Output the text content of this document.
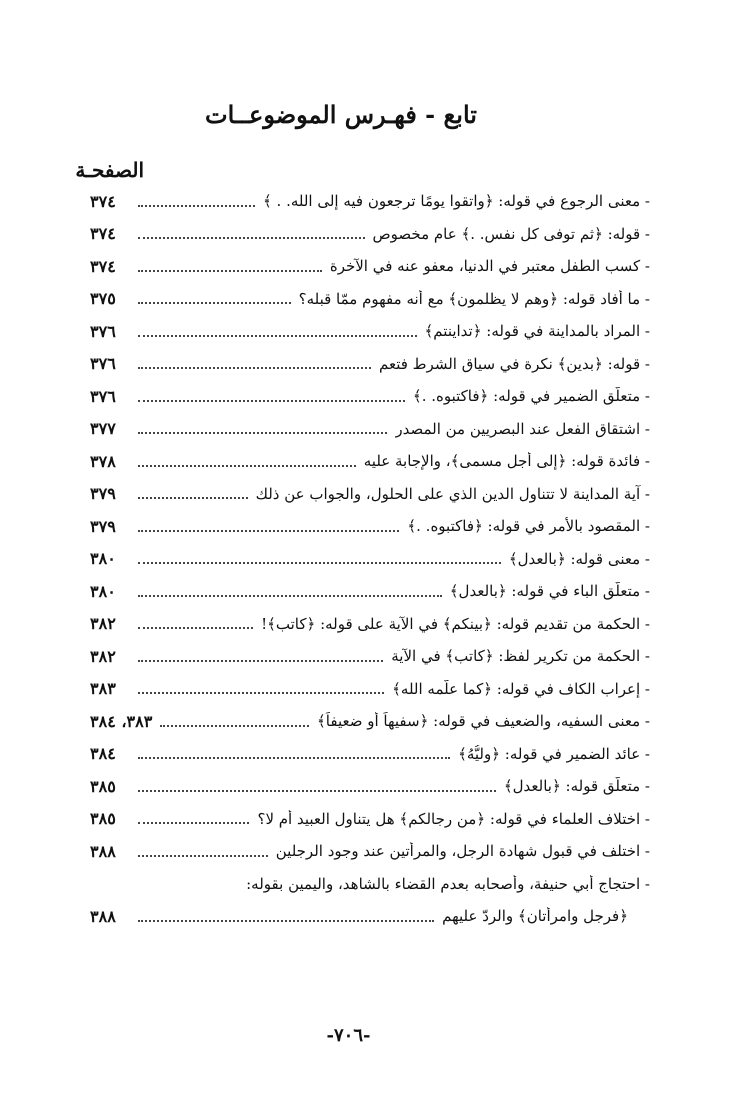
تابع - فهـرس الموضوعــات
الصفحـة
- معنى الرجوع في قوله: ﴿واتقوا يومًا ترجعون فيه إلى الله. . ﴾
٣٧٤
- قوله: ﴿ثم توفى كل نفس. .﴾ عام مخصوص
٣٧٤
- كسب الطفل معتبر في الدنيا، معفو عنه في الآخرة
٣٧٤
- ما أفاد قوله: ﴿وهم لا يظلمون﴾ مع أنه مفهوم ممّا قبله؟
٣٧٥
- المراد بالمداينة في قوله: ﴿تداينتم﴾
٣٧٦
- قوله: ﴿بدين﴾ نكرة في سياق الشرط فتعم
٣٧٦
- متعلّق الضمير في قوله: ﴿فاكتبوه. .﴾
٣٧٦
- اشتقاق الفعل عند البصريين من المصدر
٣٧٧
- فائدة قوله: ﴿إلى أجل مسمى﴾، والإجابة عليه
٣٧٨
- آية المداينة لا تتناول الدين الذي على الحلول، والجواب عن ذلك
٣٧٩
- المقصود بالأمر في قوله: ﴿فاكتبوه. .﴾
٣٧٩
- معنى قوله: ﴿بالعدل﴾
٣٨٠
- متعلّق الباء في قوله: ﴿بالعدل﴾
٣٨٠
- الحكمة من تقديم قوله: ﴿بينكم﴾ في الآية على قوله: ﴿كاتب﴾!
٣٨٢
- الحكمة من تكرير لفظ: ﴿كاتب﴾ في الآية
٣٨٢
- إعراب الكاف في قوله: ﴿كما علّمه الله﴾
٣٨٣
- معنى السفيه، والضعيف في قوله: ﴿سفيهاً أو ضعيفاً﴾
٣٨٣، ٣٨٤
- عائد الضمير في قوله: ﴿وليُّهُ﴾
٣٨٤
- متعلّق قوله: ﴿بالعدل﴾
٣٨٥
- اختلاف العلماء في قوله: ﴿من رجالكم﴾ هل يتناول العبيد أم لا؟
٣٨٥
- اختلف في قبول شهادة الرجل، والمرأتين عند وجود الرجلين
٣٨٨
- احتجاج أبي حنيفة، وأصحابه بعدم القضاء بالشاهد، واليمين بقوله:
﴿فرجل وامرأتان﴾ والردّ عليهم
٣٨٨
-٧٠٦-
